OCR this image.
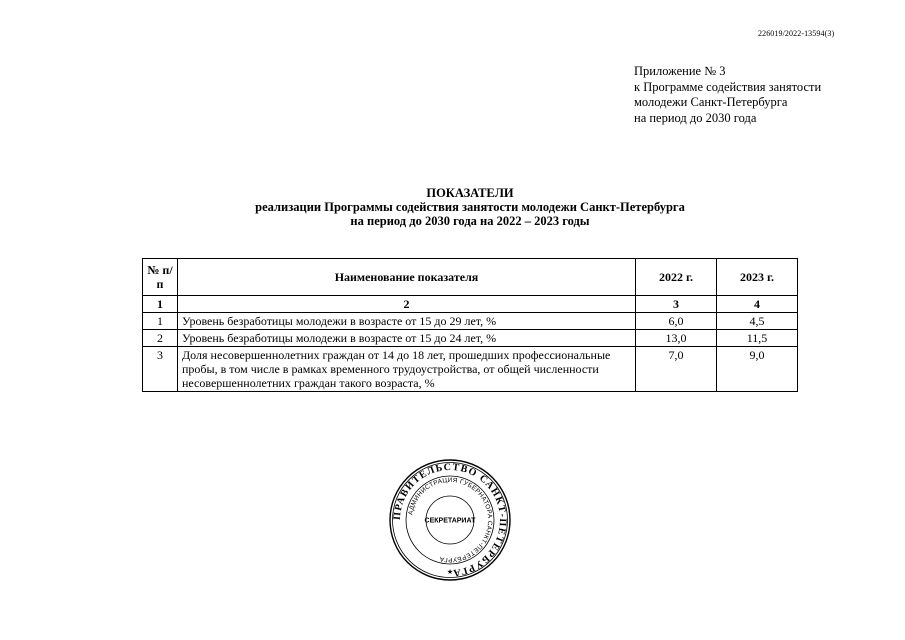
226019/2022-13594(3)
Приложение № 3
к Программе содействия занятости
молодежи Санкт-Петербурга
на период до 2030 года
ПОКАЗАТЕЛИ
реализации Программы содействия занятости молодежи Санкт-Петербурга
на период до 2030 года на 2022 – 2023 годы
№ п/п	Наименование показателя	2022 г.	2023 г.
1	2	3	4
1	Уровень безработицы молодежи в возрасте от 15 до 29 лет, %	6,0	4,5
2	Уровень безработицы молодежи в возрасте от 15 до 24 лет, %	13,0	11,5
3	Доля несовершеннолетних граждан от 14 до 18 лет, прошедших профессиональные пробы, в том числе в рамках временного трудоустройства, от общей численности несовершеннолетних граждан такого возраста, %	7,0	9,0
ПРАВИТЕЛЬСТВО САНКТ-ПЕТЕРБУРГА
АДМИНИСТРАЦИЯ ГУБЕРНАТОРА САНКТ-ПЕТЕРБУРГА
СЕКРЕТАРИАТ
★
